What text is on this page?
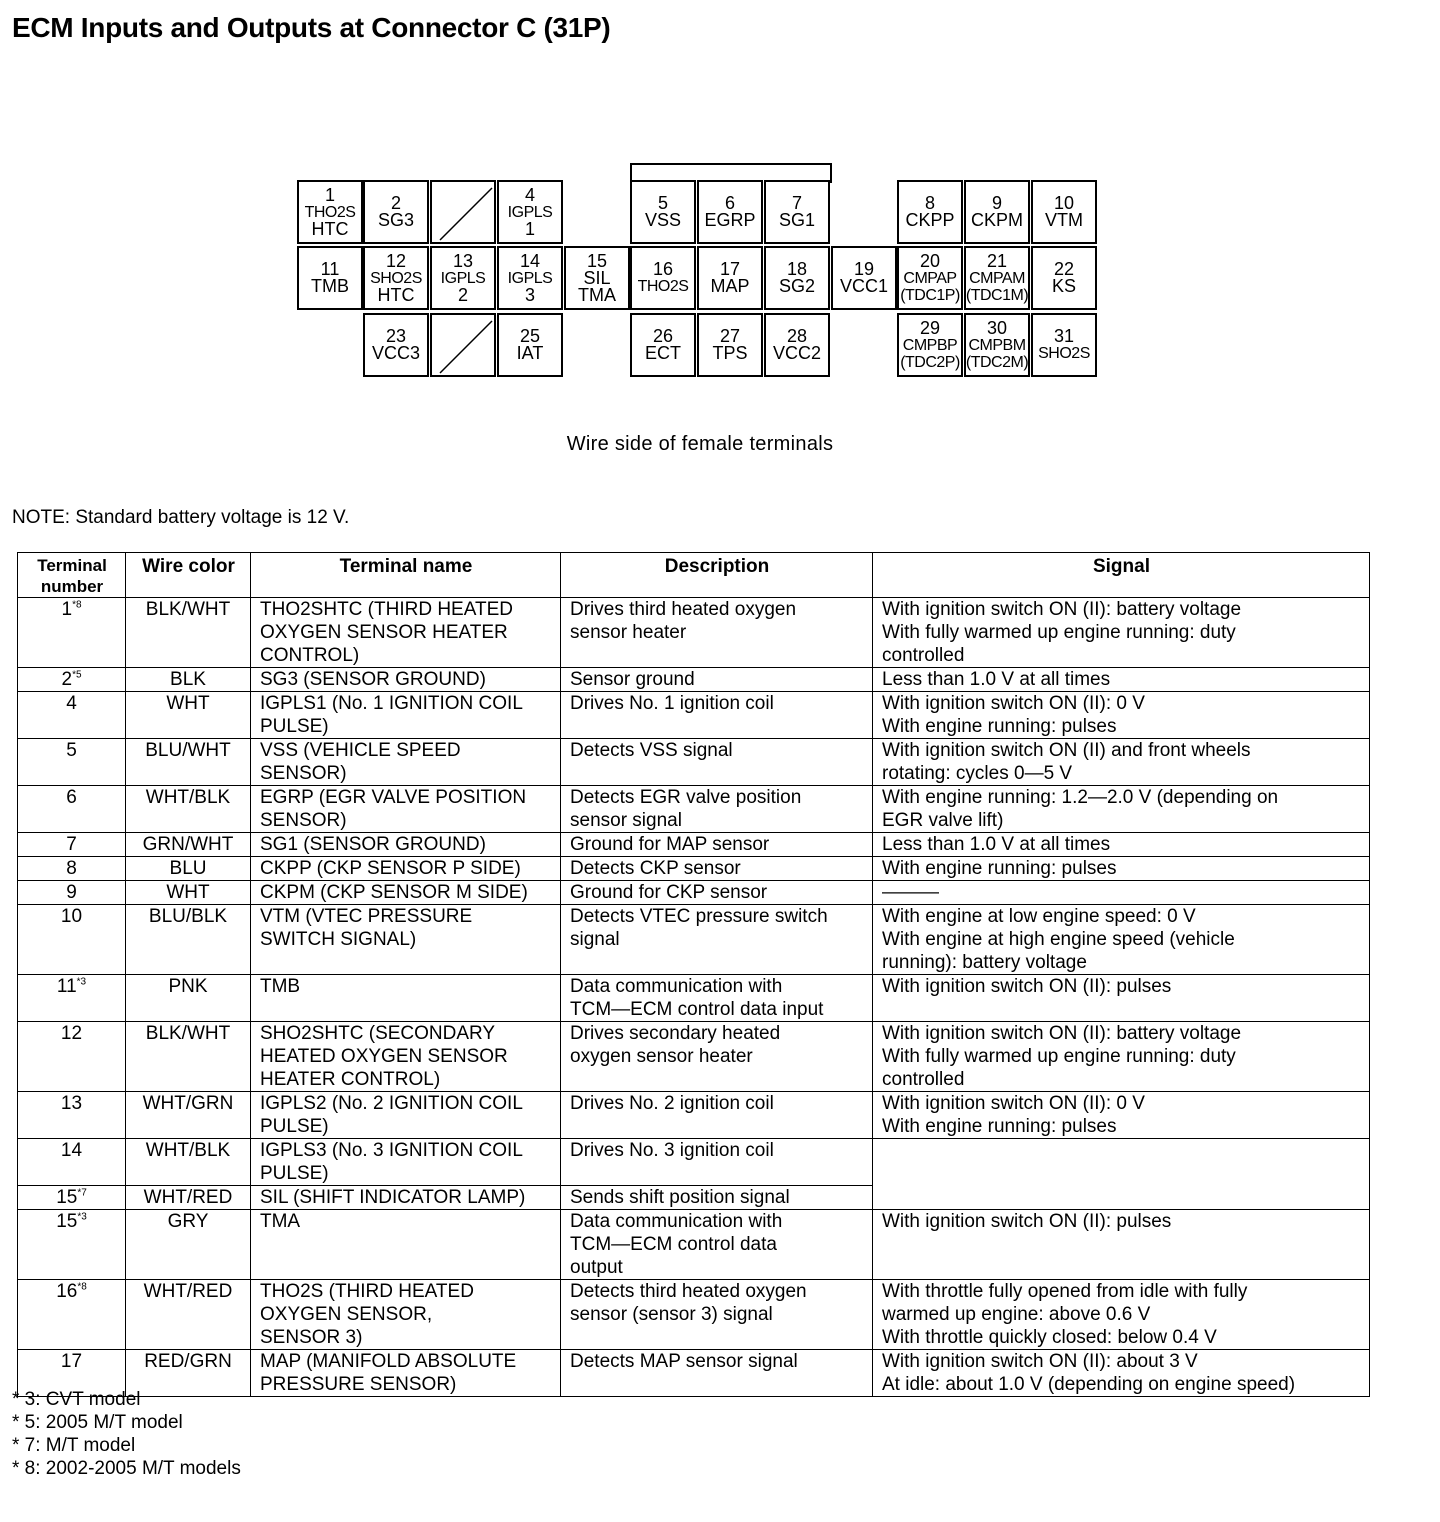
ECM Inputs and Outputs at Connector C (31P)
1
THO2S
HTC
2
SG3
4
IGPLS
1
5
VSS
6
EGRP
7
SG1
8
CKPP
9
CKPM
10
VTM
11
TMB
12
SHO2S
HTC
13
IGPLS
2
14
IGPLS
3
15
SIL
TMA
16
THO2S
17
MAP
18
SG2
19
VCC1
20
CMPAP
(TDC1P)
21
CMPAM
(TDC1M)
22
KS
23
VCC3
25
IAT
26
ECT
27
TPS
28
VCC2
29
CMPBP
(TDC2P)
30
CMPBM
(TDC2M)
31
SHO2S
Wire side of female terminals
NOTE: Standard battery voltage is 12 V.
Terminal number	Wire color	Terminal name	Description	Signal
1$^{*8}$	BLK/WHT	THO2SHTC (THIRD HEATED
OXYGEN SENSOR HEATER
CONTROL)	Drives third heated oxygen
sensor heater	With ignition switch ON (II): battery voltage
With fully warmed up engine running: duty
controlled

2$^{*5}$	BLK	SG3 (SENSOR GROUND)	Sensor ground	Less than 1.0 V at all times

4	WHT	IGPLS1 (No. 1 IGNITION COIL
PULSE)	Drives No. 1 ignition coil	With ignition switch ON (II): 0 V
With engine running: pulses

5	BLU/WHT	VSS (VEHICLE SPEED
SENSOR)	Detects VSS signal	With ignition switch ON (II) and front wheels
rotating: cycles 0—5 V

6	WHT/BLK	EGRP (EGR VALVE POSITION
SENSOR)	Detects EGR valve position
sensor signal	With engine running: 1.2—2.0 V (depending on
EGR valve lift)

7	GRN/WHT	SG1 (SENSOR GROUND)	Ground for MAP sensor	Less than 1.0 V at all times

8	BLU	CKPP (CKP SENSOR P SIDE)	Detects CKP sensor	With engine running: pulses

9	WHT	CKPM (CKP SENSOR M SIDE)	Ground for CKP sensor	———

10	BLU/BLK	VTM (VTEC PRESSURE
SWITCH SIGNAL)	Detects VTEC pressure switch
signal	With engine at low engine speed: 0 V
With engine at high engine speed (vehicle
running): battery voltage

11$^{*3}$	PNK	TMB	Data communication with
TCM—ECM control data input	With ignition switch ON (II): pulses

12	BLK/WHT	SHO2SHTC (SECONDARY
HEATED OXYGEN SENSOR
HEATER CONTROL)	Drives secondary heated
oxygen sensor heater	With ignition switch ON (II): battery voltage
With fully warmed up engine running: duty
controlled

13	WHT/GRN	IGPLS2 (No. 2 IGNITION COIL
PULSE)	Drives No. 2 ignition coil	With ignition switch ON (II): 0 V
With engine running: pulses

14	WHT/BLK	IGPLS3 (No. 3 IGNITION COIL
PULSE)	Drives No. 3 ignition coil	

15$^{*7}$	WHT/RED	SIL (SHIFT INDICATOR LAMP)	Sends shift position signal	

15$^{*3}$	GRY	TMA	Data communication with
TCM—ECM control data
output	With ignition switch ON (II): pulses

16$^{*8}$	WHT/RED	THO2S (THIRD HEATED
OXYGEN SENSOR,
SENSOR 3)	Detects third heated oxygen
sensor (sensor 3) signal	With throttle fully opened from idle with fully
warmed up engine: above 0.6 V
With throttle quickly closed: below 0.4 V

17	RED/GRN	MAP (MANIFOLD ABSOLUTE
PRESSURE SENSOR)	Detects MAP sensor signal	With ignition switch ON (II): about 3 V
At idle: about 1.0 V (depending on engine speed)
* 3: CVT model
* 5: 2005 M/T model
* 7: M/T model
* 8: 2002-2005 M/T models
